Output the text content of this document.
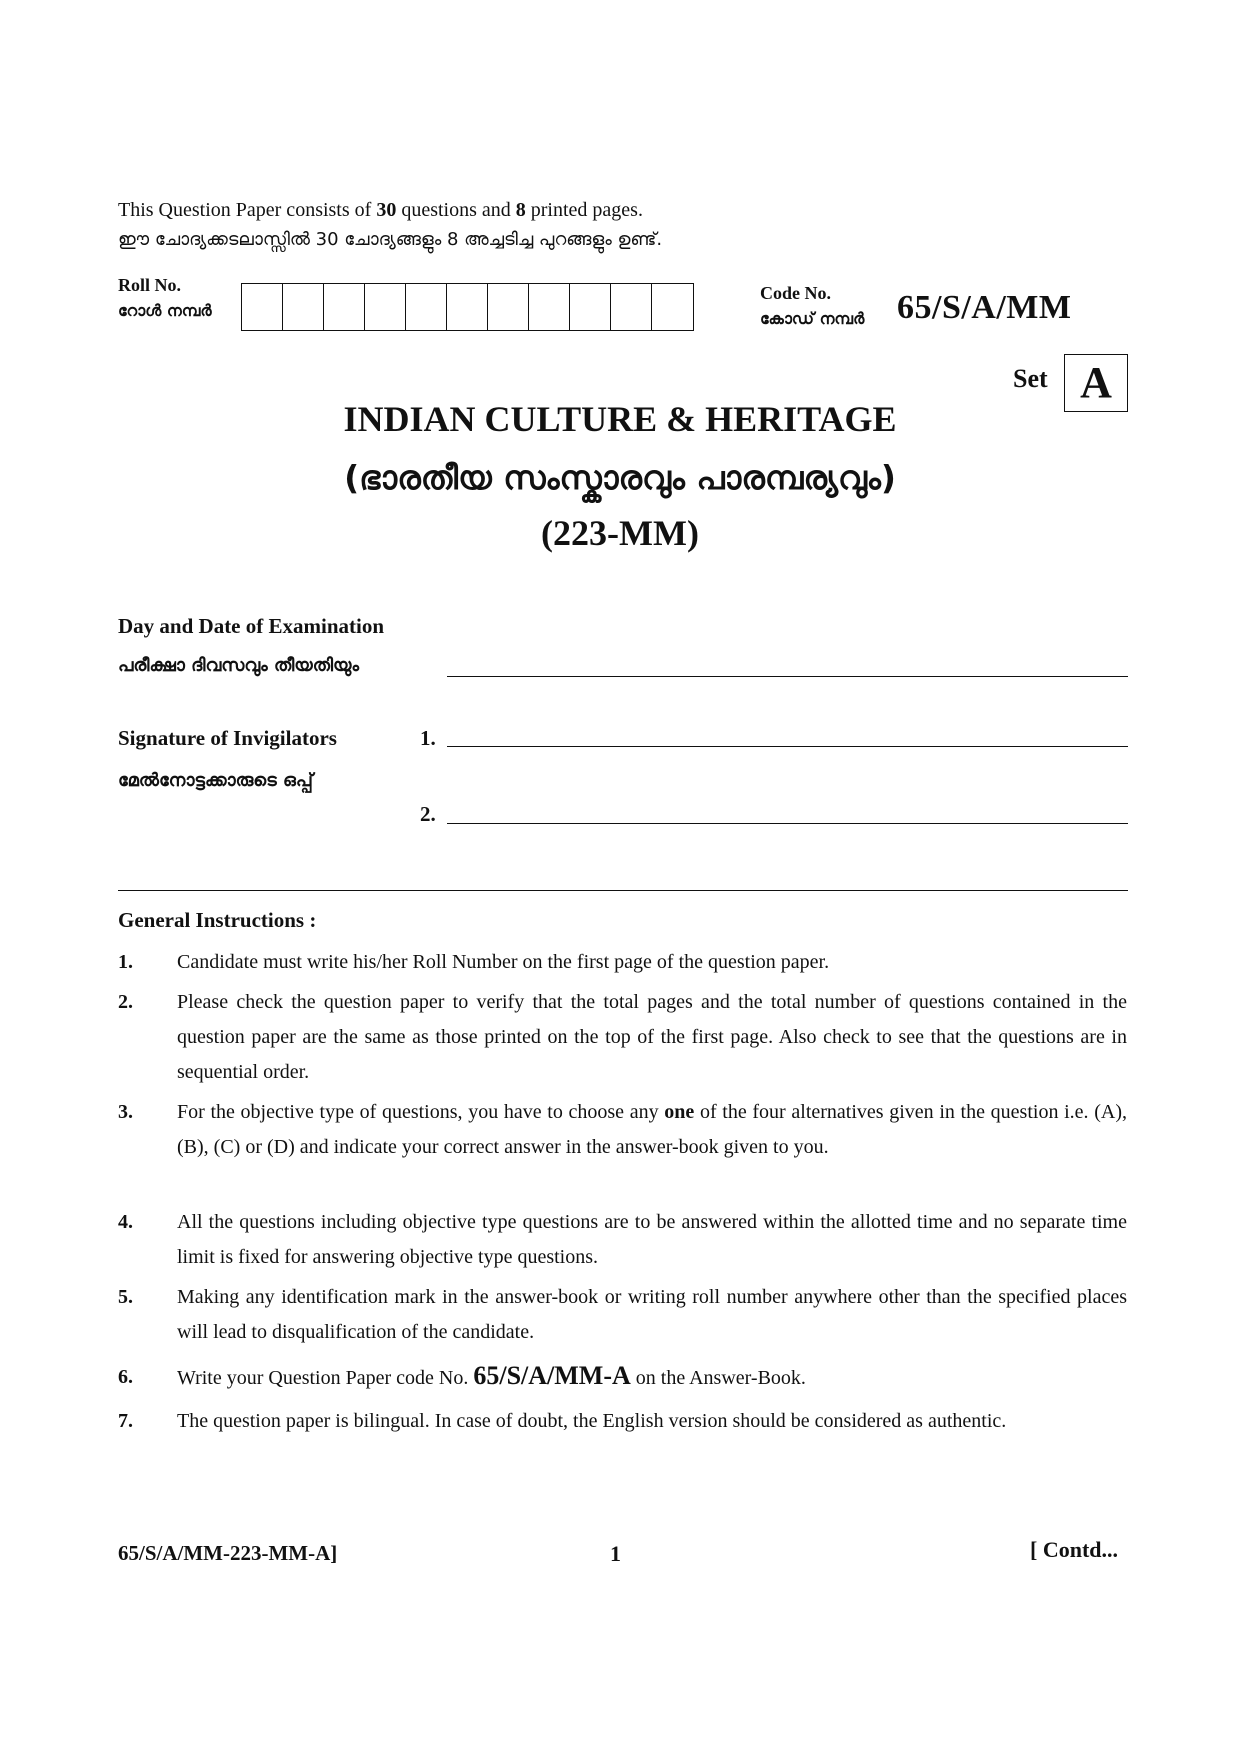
This Question Paper consists of 30 questions and 8 printed pages.
ഈ ചോദ്യക്കടലാസ്സിൽ 30 ചോദ്യങ്ങളും 8 അച്ചടിച്ച പുറങ്ങളും ഉണ്ട്.
Roll No.
റോൾ നമ്പർ
Code No.
കോഡ് നമ്പർ 65/S/A/MM
Set A
INDIAN CULTURE & HERITAGE
(ഭാരതീയ സംസ്കാരവും പാരമ്പര്യവും)
(223-MM)
Day and Date of Examination
പരീക്ഷാ ദിവസവും തീയതിയും
Signature of Invigilators
മേൽനോട്ടക്കാരുടെ ഒപ്പ്
1.
2.
General Instructions :
1. Candidate must write his/her Roll Number on the first page of the question paper.
2. Please check the question paper to verify that the total pages and the total number of questions contained in the question paper are the same as those printed on the top of the first page. Also check to see that the questions are in sequential order.
3. For the objective type of questions, you have to choose any one of the four alternatives given in the question i.e. (A), (B), (C) or (D) and indicate your correct answer in the answer-book given to you.
4. All the questions including objective type questions are to be answered within the allotted time and no separate time limit is fixed for answering objective type questions.
5. Making any identification mark in the answer-book or writing roll number anywhere other than the specified places will lead to disqualification of the candidate.
6. Write your Question Paper code No. 65/S/A/MM-A on the Answer-Book.
7. The question paper is bilingual. In case of doubt, the English version should be considered as authentic.
65/S/A/MM-223-MM-A]	1	[ Contd...
